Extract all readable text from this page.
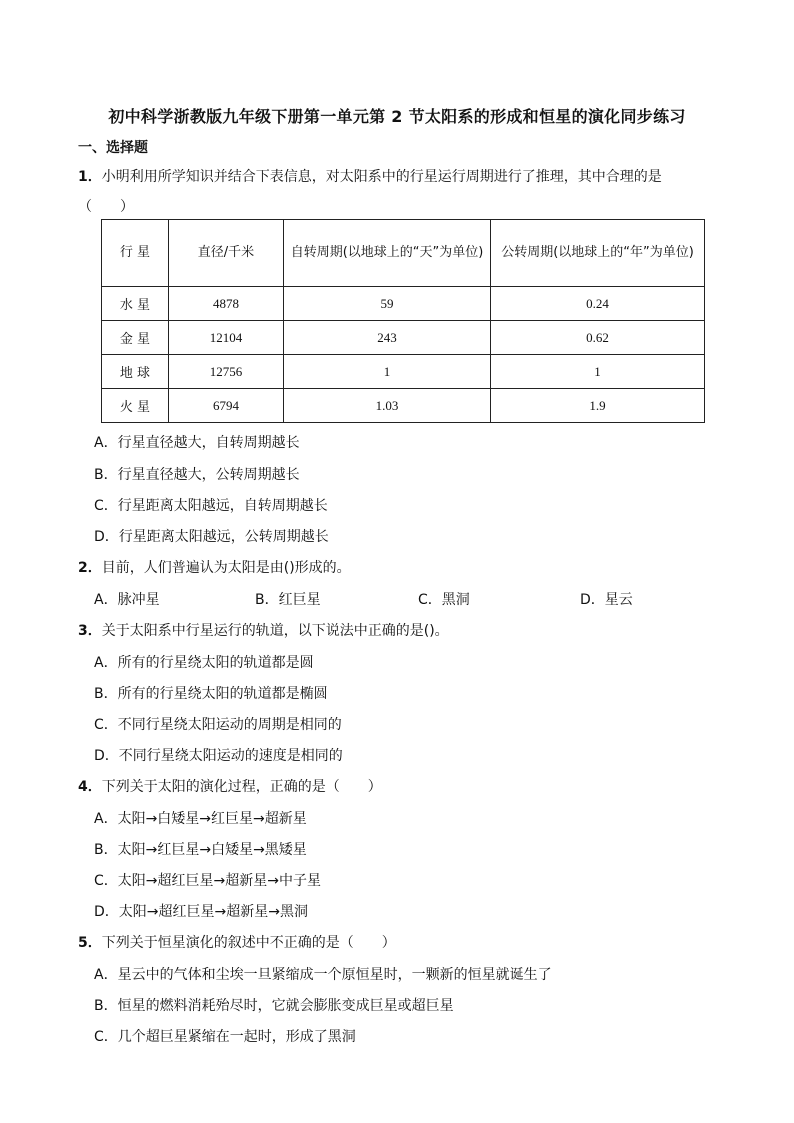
初中科学浙教版九年级下册第一单元第 2 节太阳系的形成和恒星的演化同步练习
一、选择题
1．小明利用所学知识并结合下表信息，对太阳系中的行星运行周期进行了推理，其中合理的是
（　　）
行 星	直径/千米	自转周期(以地球上的“天”为单位)	公转周期(以地球上的“年”为单位)
水 星	4878	59	0.24
金 星	12104	243	0.62
地 球	12756	1	1
火 星	6794	1.03	1.9
A．行星直径越大，自转周期越长
B．行星直径越大，公转周期越长
C．行星距离太阳越远，自转周期越长
D．行星距离太阳越远，公转周期越长
2．目前，人们普遍认为太阳是由()形成的。
A．脉冲星	B．红巨星	C．黑洞	D．星云
3．关于太阳系中行星运行的轨道，以下说法中正确的是()。
A．所有的行星绕太阳的轨道都是圆
B．所有的行星绕太阳的轨道都是椭圆
C．不同行星绕太阳运动的周期是相同的
D．不同行星绕太阳运动的速度是相同的
4．下列关于太阳的演化过程，正确的是（　　）
A．太阳→白矮星→红巨星→超新星
B．太阳→红巨星→白矮星→黑矮星
C．太阳→超红巨星→超新星→中子星
D．太阳→超红巨星→超新星→黑洞
5．下列关于恒星演化的叙述中不正确的是（　　）
A．星云中的气体和尘埃一旦紧缩成一个原恒星时，一颗新的恒星就诞生了
B．恒星的燃料消耗殆尽时，它就会膨胀变成巨星或超巨星
C．几个超巨星紧缩在一起时，形成了黑洞
